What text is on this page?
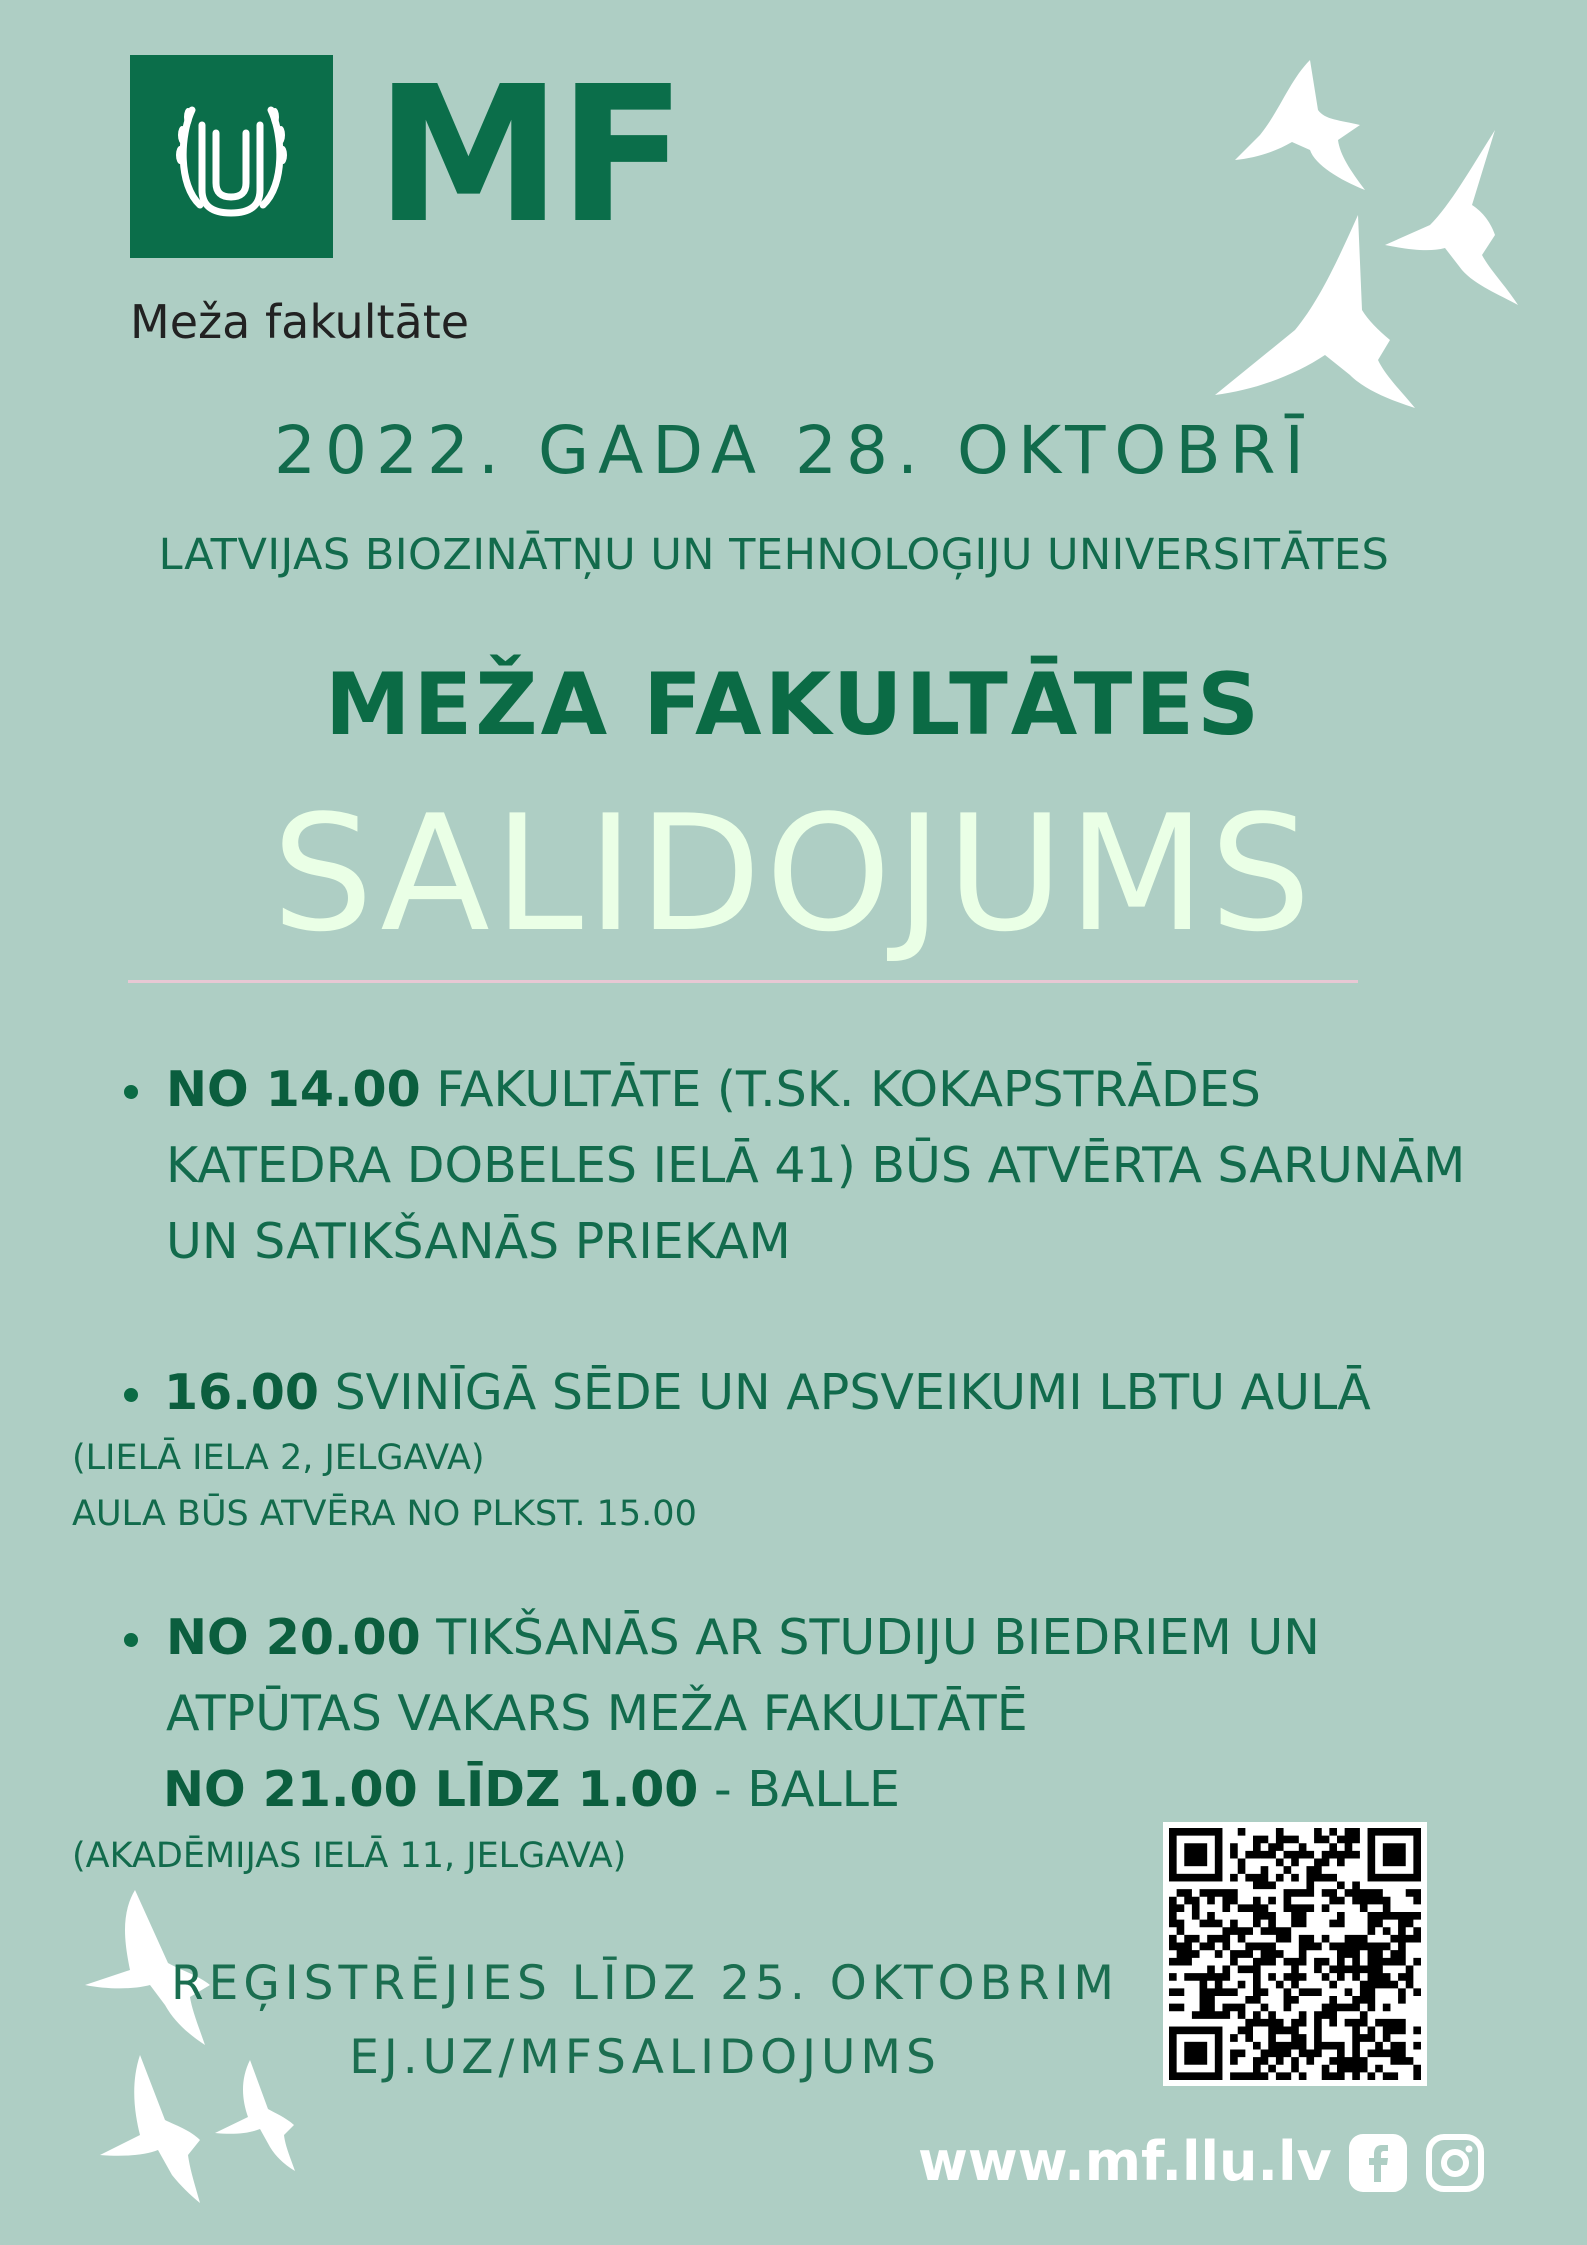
MF
Meža fakultāte
2022. GADA 28. OKTOBRĪ
LATVIJAS BIOZINĀTŅU UN TEHNOLOĢIJU UNIVERSITĀTES
MEŽA FAKULTĀTES
SALIDOJUMS
NO 14.00 FAKULTĀTE (T.SK. KOKAPSTRĀDES
KATEDRA DOBELES IELĀ 41) BŪS ATVĒRTA SARUNĀM
UN SATIKŠANĀS PRIEKAM
16.00 SVINĪGĀ SĒDE UN APSVEIKUMI LBTU AULĀ
(LIELĀ IELA 2, JELGAVA)
AULA BŪS ATVĒRA NO PLKST. 15.00
NO 20.00 TIKŠANĀS AR STUDIJU BIEDRIEM UN
ATPŪTAS VAKARS MEŽA FAKULTĀTĒ
NO 21.00 LĪDZ 1.00 - BALLE
(AKADĒMIJAS IELĀ 11, JELGAVA)
REĢISTRĒJIES LĪDZ 25. OKTOBRIM
EJ.UZ/MFSALIDOJUMS
www.mf.llu.lv
